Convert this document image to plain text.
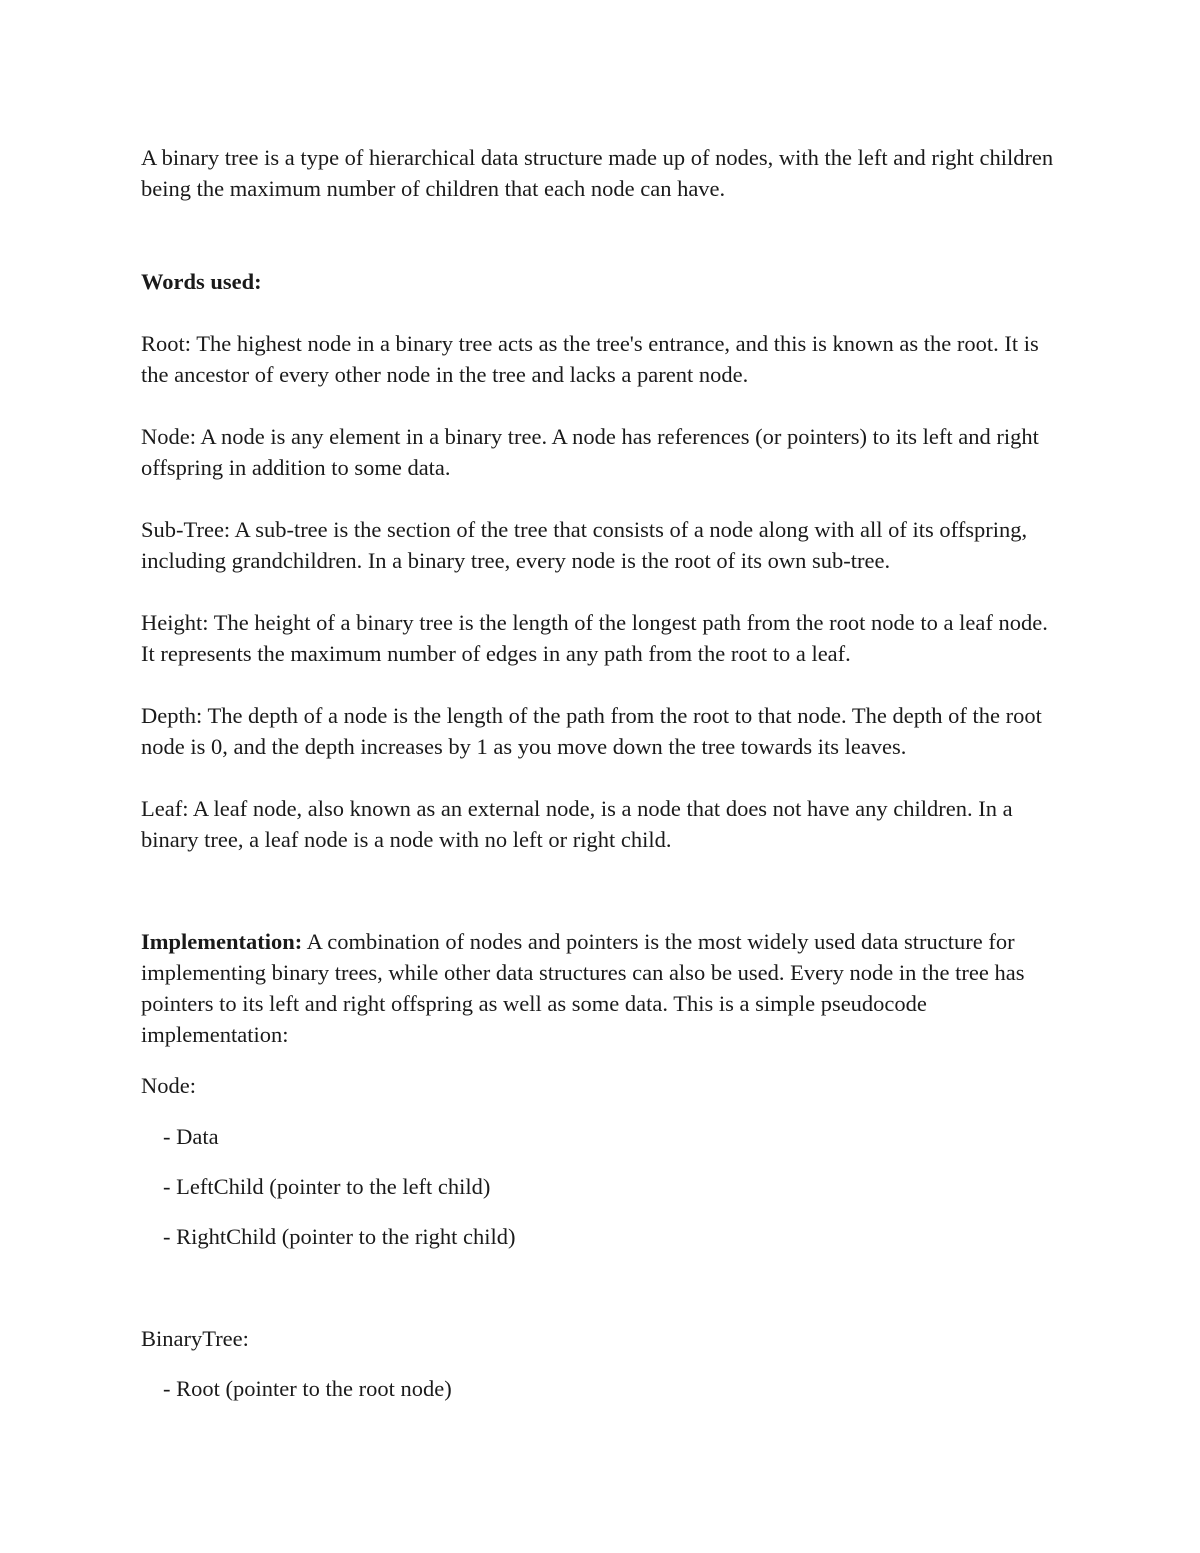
A binary tree is a type of hierarchical data structure made up of nodes, with the left and right children being the maximum number of children that each node can have.

Words used:

Root: The highest node in a binary tree acts as the tree's entrance, and this is known as the root. It is the ancestor of every other node in the tree and lacks a parent node.

Node: A node is any element in a binary tree. A node has references (or pointers) to its left and right offspring in addition to some data.

Sub-Tree: A sub-tree is the section of the tree that consists of a node along with all of its offspring, including grandchildren. In a binary tree, every node is the root of its own sub-tree.

Height: The height of a binary tree is the length of the longest path from the root node to a leaf node. It represents the maximum number of edges in any path from the root to a leaf.

Depth: The depth of a node is the length of the path from the root to that node. The depth of the root node is 0, and the depth increases by 1 as you move down the tree towards its leaves.

Leaf: A leaf node, also known as an external node, is a node that does not have any children. In a binary tree, a leaf node is a node with no left or right child.

Implementation: A combination of nodes and pointers is the most widely used data structure for implementing binary trees, while other data structures can also be used. Every node in the tree has pointers to its left and right offspring as well as some data. This is a simple pseudocode implementation:

Node:

- Data

- LeftChild (pointer to the left child)

- RightChild (pointer to the right child)

BinaryTree:

- Root (pointer to the root node)
